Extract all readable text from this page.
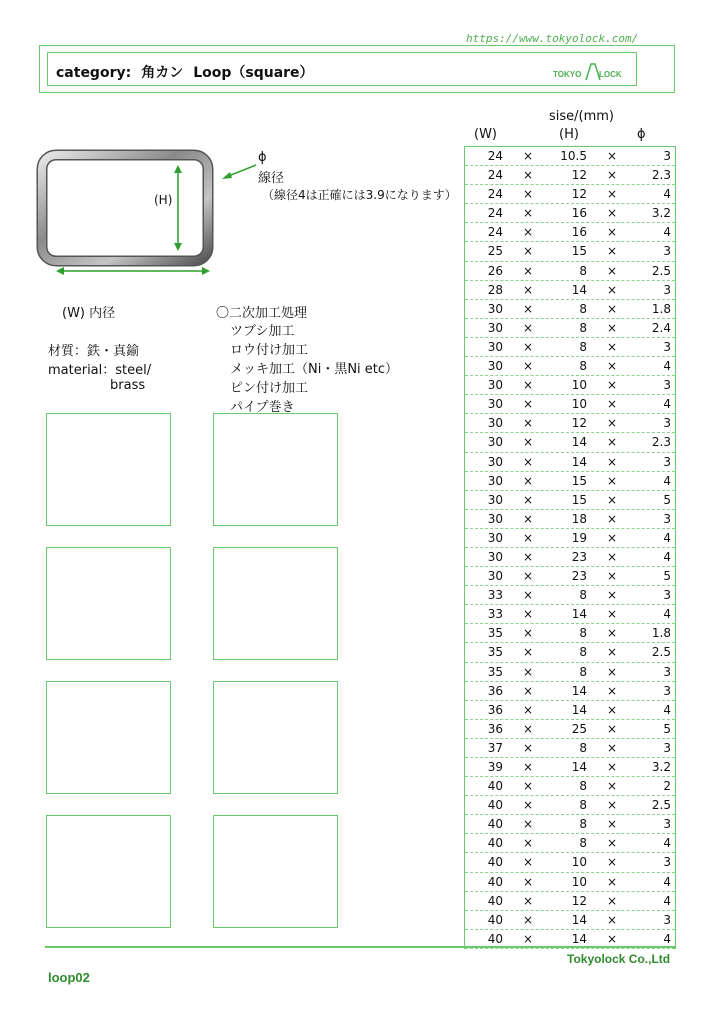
https://www.tokyolock.com/
category: 角カン Loop（square）	TOKYO LOCK
sise/(mm)
(W)	(H)	ϕ
ϕ
線径
（線径4は正確には3.9になります）
(H)
(W) 内径
材質：鉄・真鍮
material：steel/
brass
〇二次加工処理
ツブシ加工
ロウ付け加工
メッキ加工（Ni・黒Ni etc）
ピン付け加工
パイプ巻き
24 × 10.5 ×	3
24 ×	12 ×	2.3
24 ×	12 ×	4
24 ×	16 ×	3.2
24 ×	16 ×	4
25 ×	15 ×	3
26 ×	8 ×	2.5
28 ×	14 ×	3
30 ×	8 ×	1.8
30 ×	8 ×	2.4
30 ×	8 ×	3
30 ×	8 ×	4
30 ×	10 ×	3
30 ×	10 ×	4
30 ×	12 ×	3
30 ×	14 ×	2.3
30 ×	14 ×	3
30 ×	15 ×	4
30 ×	15 ×	5
30 ×	18 ×	3
30 ×	19 ×	4
30 ×	23 ×	4
30 ×	23 ×	5
33 ×	8 ×	3
33 ×	14 ×	4
35 ×	8 ×	1.8
35 ×	8 ×	2.5
35 ×	8 ×	3
36 ×	14 ×	3
36 ×	14 ×	4
36 ×	25 ×	5
37 ×	8 ×	3
39 ×	14 ×	3.2
40 ×	8 ×	2
40 ×	8 ×	2.5
40 ×	8 ×	3
40 ×	8 ×	4
40 ×	10 ×	3
40 ×	10 ×	4
40 ×	12 ×	4
40 ×	14 ×	3
40 ×	14 ×	4
Tokyolock Co.,Ltd
loop02
